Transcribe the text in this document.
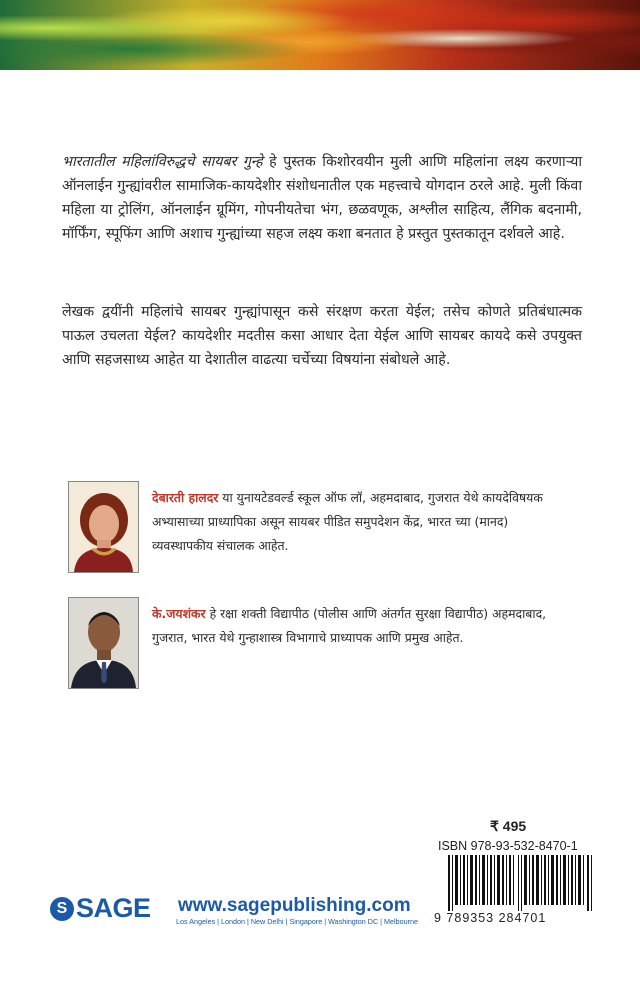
भारतातील महिलांविरुद्धचे सायबर गुन्हे हे पुस्तक किशोरवयीन मुली आणि महिलांना लक्ष्य करणाऱ्या ऑनलाईन गुन्ह्यांवरील सामाजिक-कायदेशीर संशोधनातील एक महत्त्वाचे योगदान ठरले आहे. मुली किंवा महिला या ट्रोलिंग, ऑनलाईन ग्रूमिंग, गोपनीयतेचा भंग, छळवणूक, अश्लील साहित्य, लैंगिक बदनामी, मॉर्फिंग, स्पूफिंग आणि अशाच गुन्ह्यांच्या सहज लक्ष्य कशा बनतात हे प्रस्तुत पुस्तकातून दर्शवले आहे.

लेखक द्वयींनी महिलांचे सायबर गुन्ह्यांपासून कसे संरक्षण करता येईल; तसेच कोणते प्रतिबंधात्मक पाऊल उचलता येईल? कायदेशीर मदतीस कसा आधार देता येईल आणि सायबर कायदे कसे उपयुक्त आणि सहजसाध्य आहेत या देशातील वाढत्या चर्चेच्या विषयांना संबोधले आहे.

देबारती हालदर या युनायटेडवर्ल्ड स्कूल ऑफ लॉ, अहमदाबाद, गुजरात येथे कायदेविषयक अभ्यासाच्या प्राध्यापिका असून सायबर पीडित समुपदेशन केंद्र, भारत च्या (मानद) व्यवस्थापकीय संचालक आहेत.

के.जयशंकर हे रक्षा शक्ती विद्यापीठ (पोलीस आणि अंतर्गत सुरक्षा विद्यापीठ) अहमदाबाद, गुजरात, भारत येथे गुन्हाशास्त्र विभागाचे प्राध्यापक आणि प्रमुख आहेत.

₹ 495
ISBN 978-93-532-8470-1
9 789353 284701
S SAGE www.sagepublishing.com
Los Angeles | London | New Delhi | Singapore | Washington DC | Melbourne
